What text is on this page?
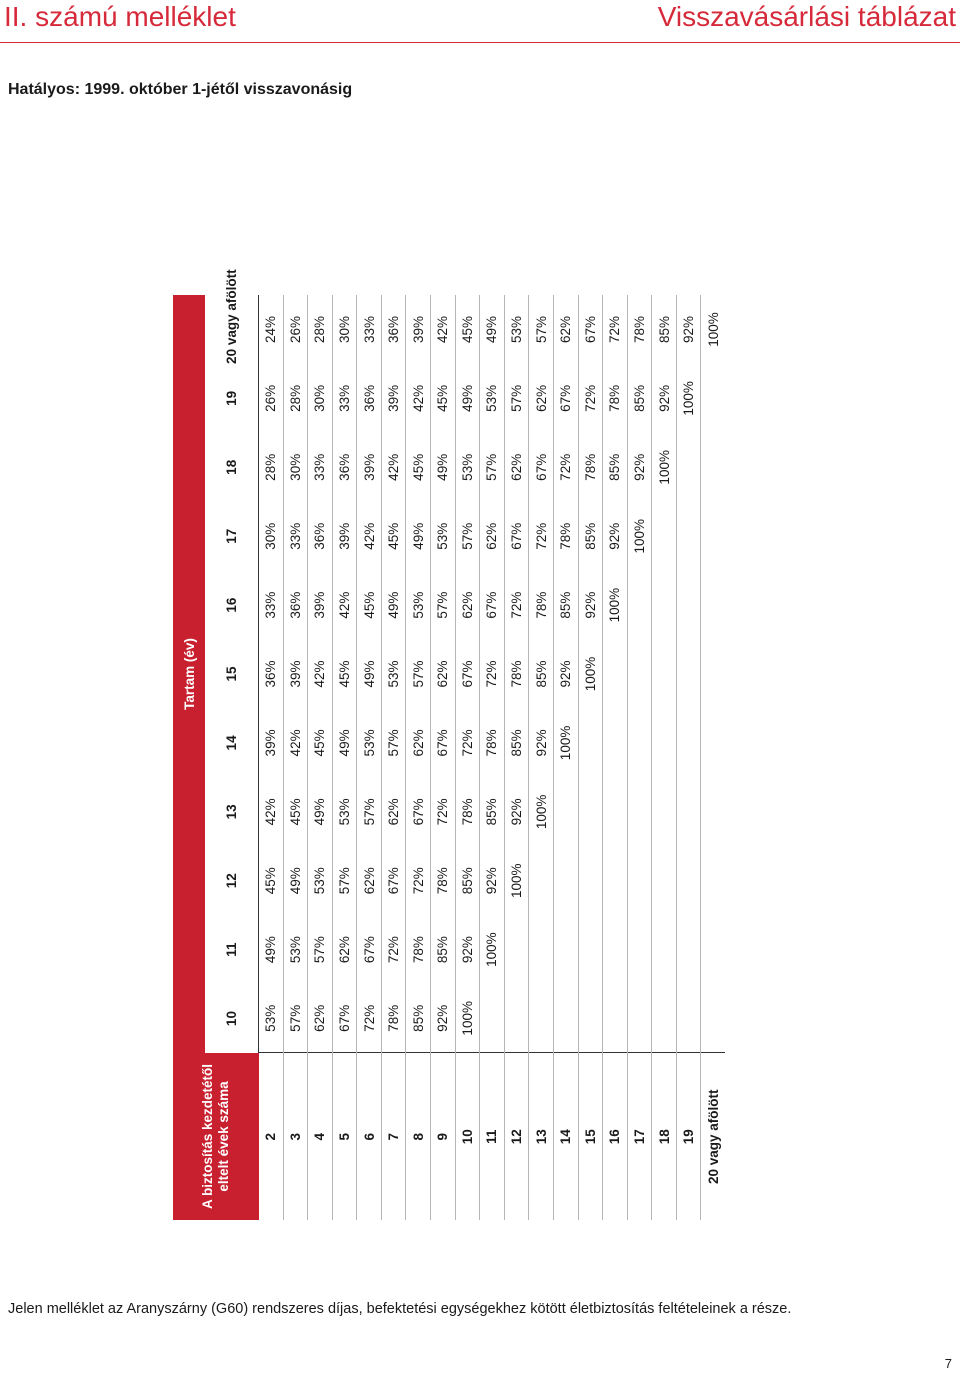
II. számú melléklet	Visszavásárlási táblázat
Hatályos: 1999. október 1-jétől visszavonásig
A biztosítás kezdetétől eltelt évek száma	Tartam (év)										
	10	11	12	13	14	15	16	17	18	19	20 vagy afölött
2	53%	49%	45%	42%	39%	36%	33%	30%	28%	26%	24%
3	57%	53%	49%	45%	42%	39%	36%	33%	30%	28%	26%
4	62%	57%	53%	49%	45%	42%	39%	36%	33%	30%	28%
5	67%	62%	57%	53%	49%	45%	42%	39%	36%	33%	30%
6	72%	67%	62%	57%	53%	49%	45%	42%	39%	36%	33%
7	78%	72%	67%	62%	57%	53%	49%	45%	42%	39%	36%
8	85%	78%	72%	67%	62%	57%	53%	49%	45%	42%	39%
9	92%	85%	78%	72%	67%	62%	57%	53%	49%	45%	42%
10	100%	92%	85%	78%	72%	67%	62%	57%	53%	49%	45%
11		100%	92%	85%	78%	72%	67%	62%	57%	53%	49%
12			100%	92%	85%	78%	72%	67%	62%	57%	53%
13				100%	92%	85%	78%	72%	67%	62%	57%
14					100%	92%	85%	78%	72%	67%	62%
15						100%	92%	85%	78%	72%	67%
16							100%	92%	85%	78%	72%
17								100%	92%	85%	78%
18									100%	92%	85%
19										100%	92%
20 vagy afölött											100%
Jelen melléklet az Aranyszárny (G60) rendszeres díjas, befektetési egységekhez kötött életbiztosítás feltételeinek a része.
7
